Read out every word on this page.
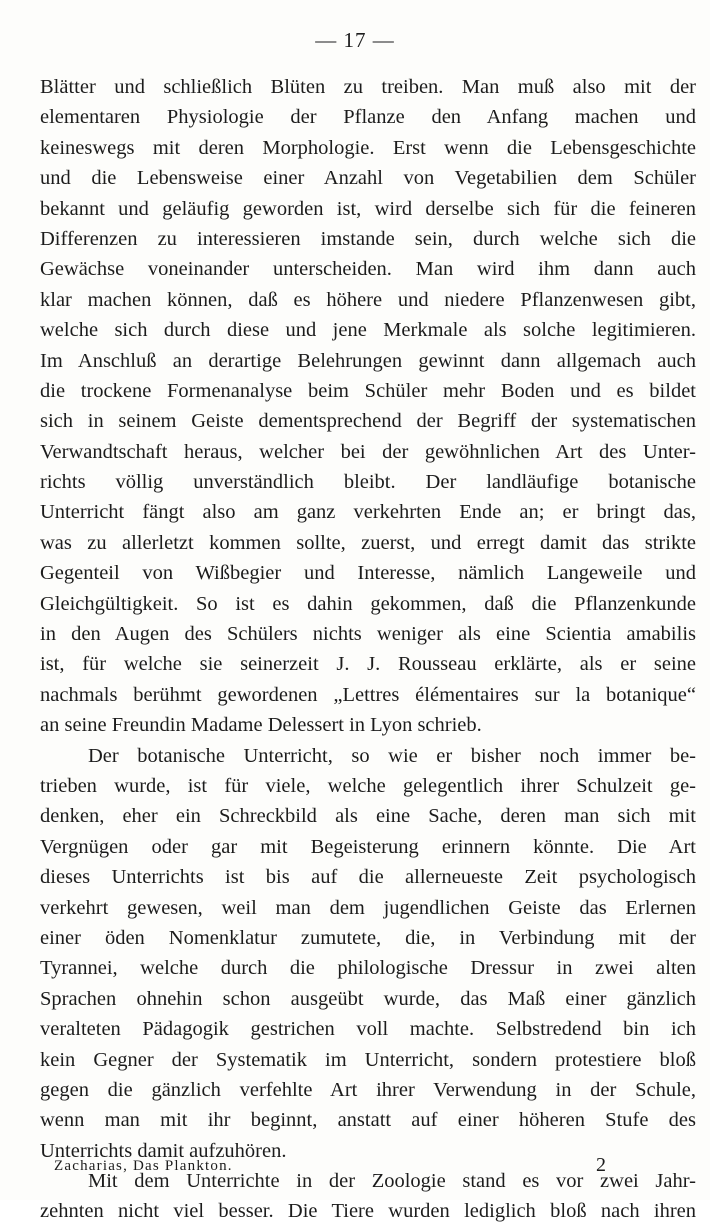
— 17 —
Blätter und schließlich Blüten zu treiben. Man muß also mit der
elementaren Physiologie der Pflanze den Anfang machen und
keineswegs mit deren Morphologie. Erst wenn die Lebensgeschichte
und die Lebensweise einer Anzahl von Vegetabilien dem Schüler
bekannt und geläufig geworden ist, wird derselbe sich für die feineren
Differenzen zu interessieren imstande sein, durch welche sich die
Gewächse voneinander unterscheiden. Man wird ihm dann auch
klar machen können, daß es höhere und niedere Pflanzenwesen gibt,
welche sich durch diese und jene Merkmale als solche legitimieren.
Im Anschluß an derartige Belehrungen gewinnt dann allgemach auch
die trockene Formenanalyse beim Schüler mehr Boden und es bildet
sich in seinem Geiste dementsprechend der Begriff der systematischen
Verwandtschaft heraus, welcher bei der gewöhnlichen Art des Unter-
richts völlig unverständlich bleibt. Der landläufige botanische
Unterricht fängt also am ganz verkehrten Ende an; er bringt das,
was zu allerletzt kommen sollte, zuerst, und erregt damit das strikte
Gegenteil von Wißbegier und Interesse, nämlich Langeweile und
Gleichgültigkeit. So ist es dahin gekommen, daß die Pflanzenkunde
in den Augen des Schülers nichts weniger als eine Scientia amabilis
ist, für welche sie seinerzeit J. J. Rousseau erklärte, als er seine
nachmals berühmt gewordenen „Lettres élémentaires sur la botanique“
an seine Freundin Madame Delessert in Lyon schrieb.
Der botanische Unterricht, so wie er bisher noch immer be-
trieben wurde, ist für viele, welche gelegentlich ihrer Schulzeit ge-
denken, eher ein Schreckbild als eine Sache, deren man sich mit
Vergnügen oder gar mit Begeisterung erinnern könnte. Die Art
dieses Unterrichts ist bis auf die allerneueste Zeit psychologisch
verkehrt gewesen, weil man dem jugendlichen Geiste das Erlernen
einer öden Nomenklatur zumutete, die, in Verbindung mit der
Tyrannei, welche durch die philologische Dressur in zwei alten
Sprachen ohnehin schon ausgeübt wurde, das Maß einer gänzlich
veralteten Pädagogik gestrichen voll machte. Selbstredend bin ich
kein Gegner der Systematik im Unterricht, sondern protestiere bloß
gegen die gänzlich verfehlte Art ihrer Verwendung in der Schule,
wenn man mit ihr beginnt, anstatt auf einer höheren Stufe des
Unterrichts damit aufzuhören.
Mit dem Unterrichte in der Zoologie stand es vor zwei Jahr-
zehnten nicht viel besser. Die Tiere wurden lediglich bloß nach ihren
Zacharias, Das Plankton.	2
